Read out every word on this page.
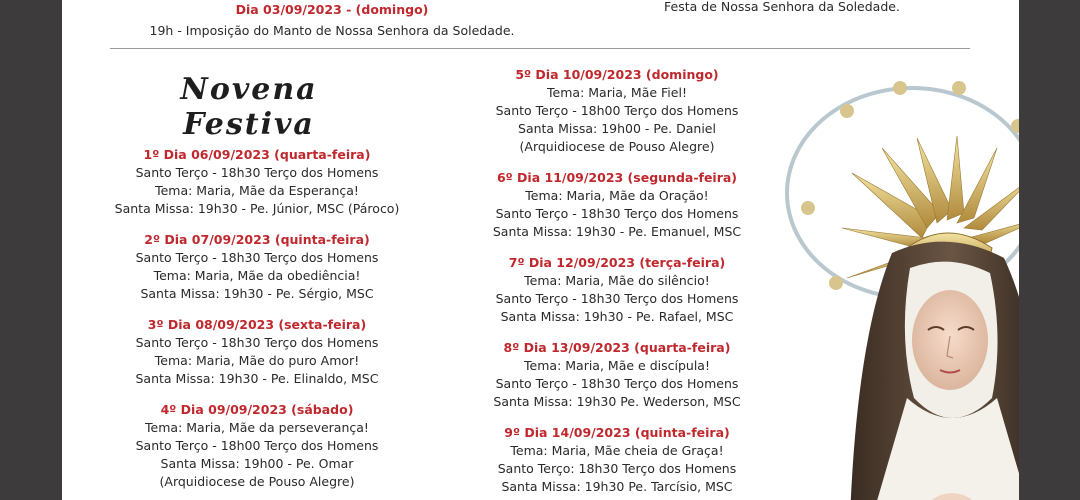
Dia 03/09/2023 - (domingo)
19h - Imposição do Manto de Nossa Senhora da Soledade.
Festa de Nossa Senhora da Soledade.
Novena Festiva
1º Dia 06/09/2023 (quarta-feira)
Santo Terço - 18h30 Terço dos Homens
Tema: Maria, Mãe da Esperança!
Santa Missa: 19h30 - Pe. Júnior, MSC (Pároco)
2º Dia 07/09/2023 (quinta-feira)
Santo Terço - 18h30 Terço dos Homens
Tema: Maria, Mãe da obediência!
Santa Missa: 19h30 - Pe. Sérgio, MSC
3º Dia 08/09/2023 (sexta-feira)
Santo Terço - 18h30 Terço dos Homens
Tema: Maria, Mãe do puro Amor!
Santa Missa: 19h30 - Pe. Elinaldo, MSC
4º Dia 09/09/2023 (sábado)
Tema: Maria, Mãe da perseverança!
Santo Terço - 18h00 Terço dos Homens
Santa Missa: 19h00 - Pe. Omar
(Arquidiocese de Pouso Alegre)
5º Dia 10/09/2023 (domingo)
Tema: Maria, Mãe Fiel!
Santo Terço - 18h00 Terço dos Homens
Santa Missa: 19h00 - Pe. Daniel
(Arquidiocese de Pouso Alegre)
6º Dia 11/09/2023 (segunda-feira)
Tema: Maria, Mãe da Oração!
Santo Terço - 18h30 Terço dos Homens
Santa Missa: 19h30 - Pe. Emanuel, MSC
7º Dia 12/09/2023 (terça-feira)
Tema: Maria, Mãe do silêncio!
Santo Terço - 18h30 Terço dos Homens
Santa Missa: 19h30 - Pe. Rafael, MSC
8º Dia 13/09/2023 (quarta-feira)
Tema: Maria, Mãe e discípula!
Santo Terço - 18h30 Terço dos Homens
Santa Missa: 19h30 Pe. Wederson, MSC
9º Dia 14/09/2023 (quinta-feira)
Tema: Maria, Mãe cheia de Graça!
Santo Terço: 18h30 Terço dos Homens
Santa Missa: 19h30 Pe. Tarcísio, MSC
